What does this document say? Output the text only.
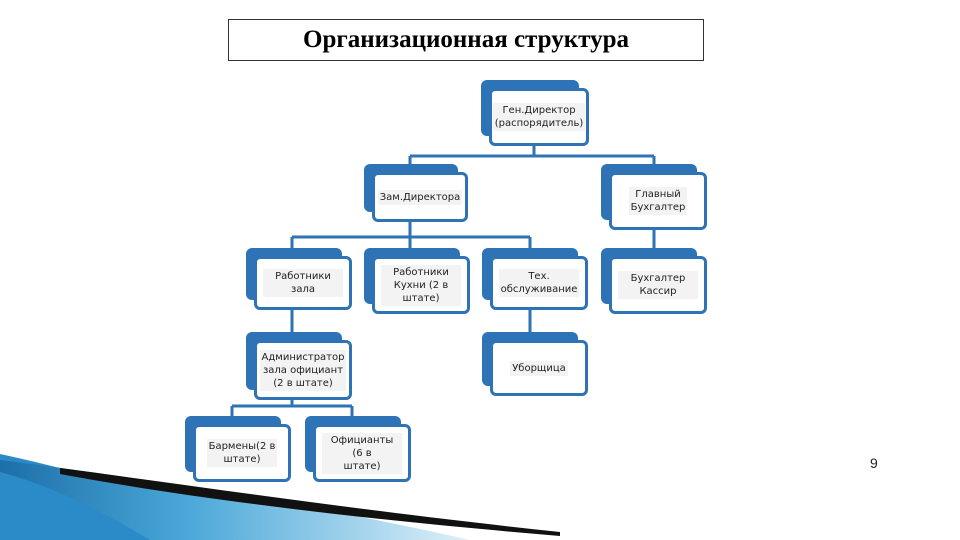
Организационная структура
Ген.Директор
(распорядитель)
Зам.Директора	Главный
Бухгалтер
Работники зала
Работники
Кухни (2 в штате)
Тех.
обслуживание
Бухгалтер Кассир
Администратор
зала официант
(2 в штате)
Уборщица
Бармены(2 в
штате)
Официанты (6 в
штате)	9
